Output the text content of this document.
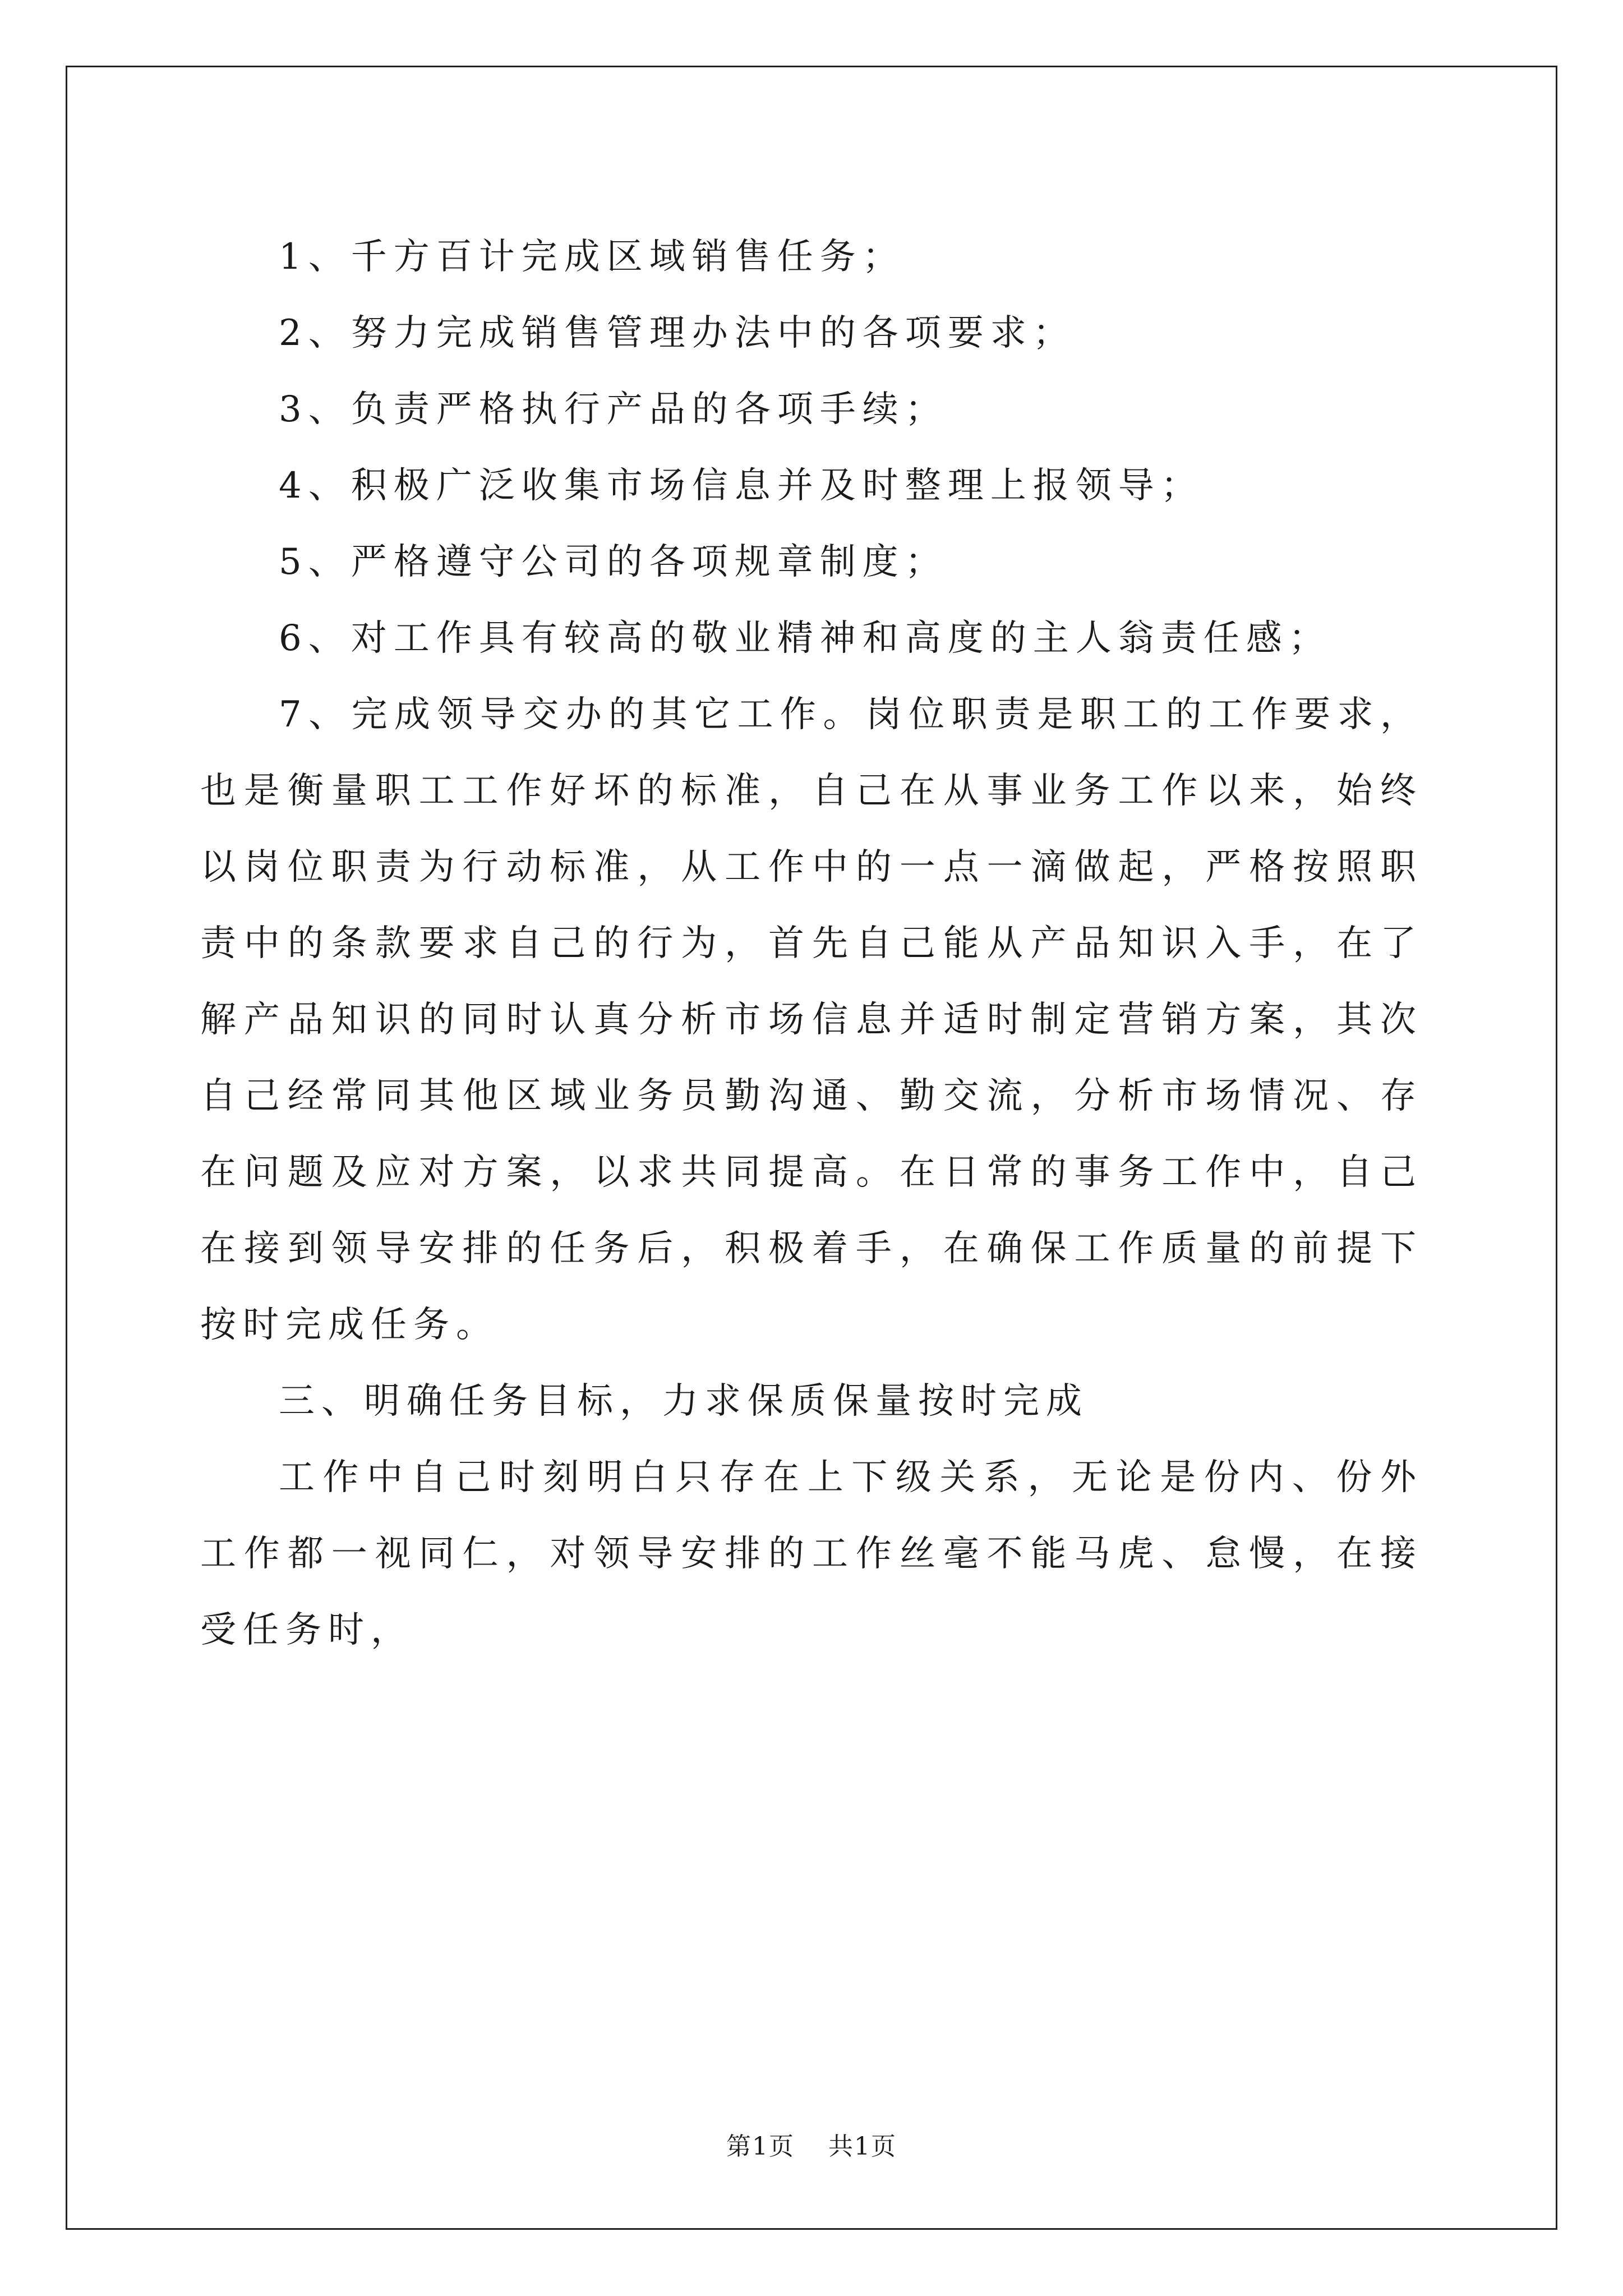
1、千方百计完成区域销售任务；

2、努力完成销售管理办法中的各项要求；

3、负责严格执行产品的各项手续；

4、积极广泛收集市场信息并及时整理上报领导；

5、严格遵守公司的各项规章制度；

6、对工作具有较高的敬业精神和高度的主人翁责任感；

7、完成领导交办的其它工作。岗位职责是职工的工作要求，也是衡量职工工作好坏的标准，自己在从事业务工作以来，始终以岗位职责为行动标准，从工作中的一点一滴做起，严格按照职责中的条款要求自己的行为，首先自己能从产品知识入手，在了解产品知识的同时认真分析市场信息并适时制定营销方案，其次自己经常同其他区域业务员勤沟通、勤交流，分析市场情况、存在问题及应对方案，以求共同提高。在日常的事务工作中，自己在接到领导安排的任务后，积极着手，在确保工作质量的前提下按时完成任务。

三、明确任务目标，力求保质保量按时完成

工作中自己时刻明白只存在上下级关系，无论是份内、份外工作都一视同仁，对领导安排的工作丝毫不能马虎、怠慢，在接受任务时，

第1页 共1页
